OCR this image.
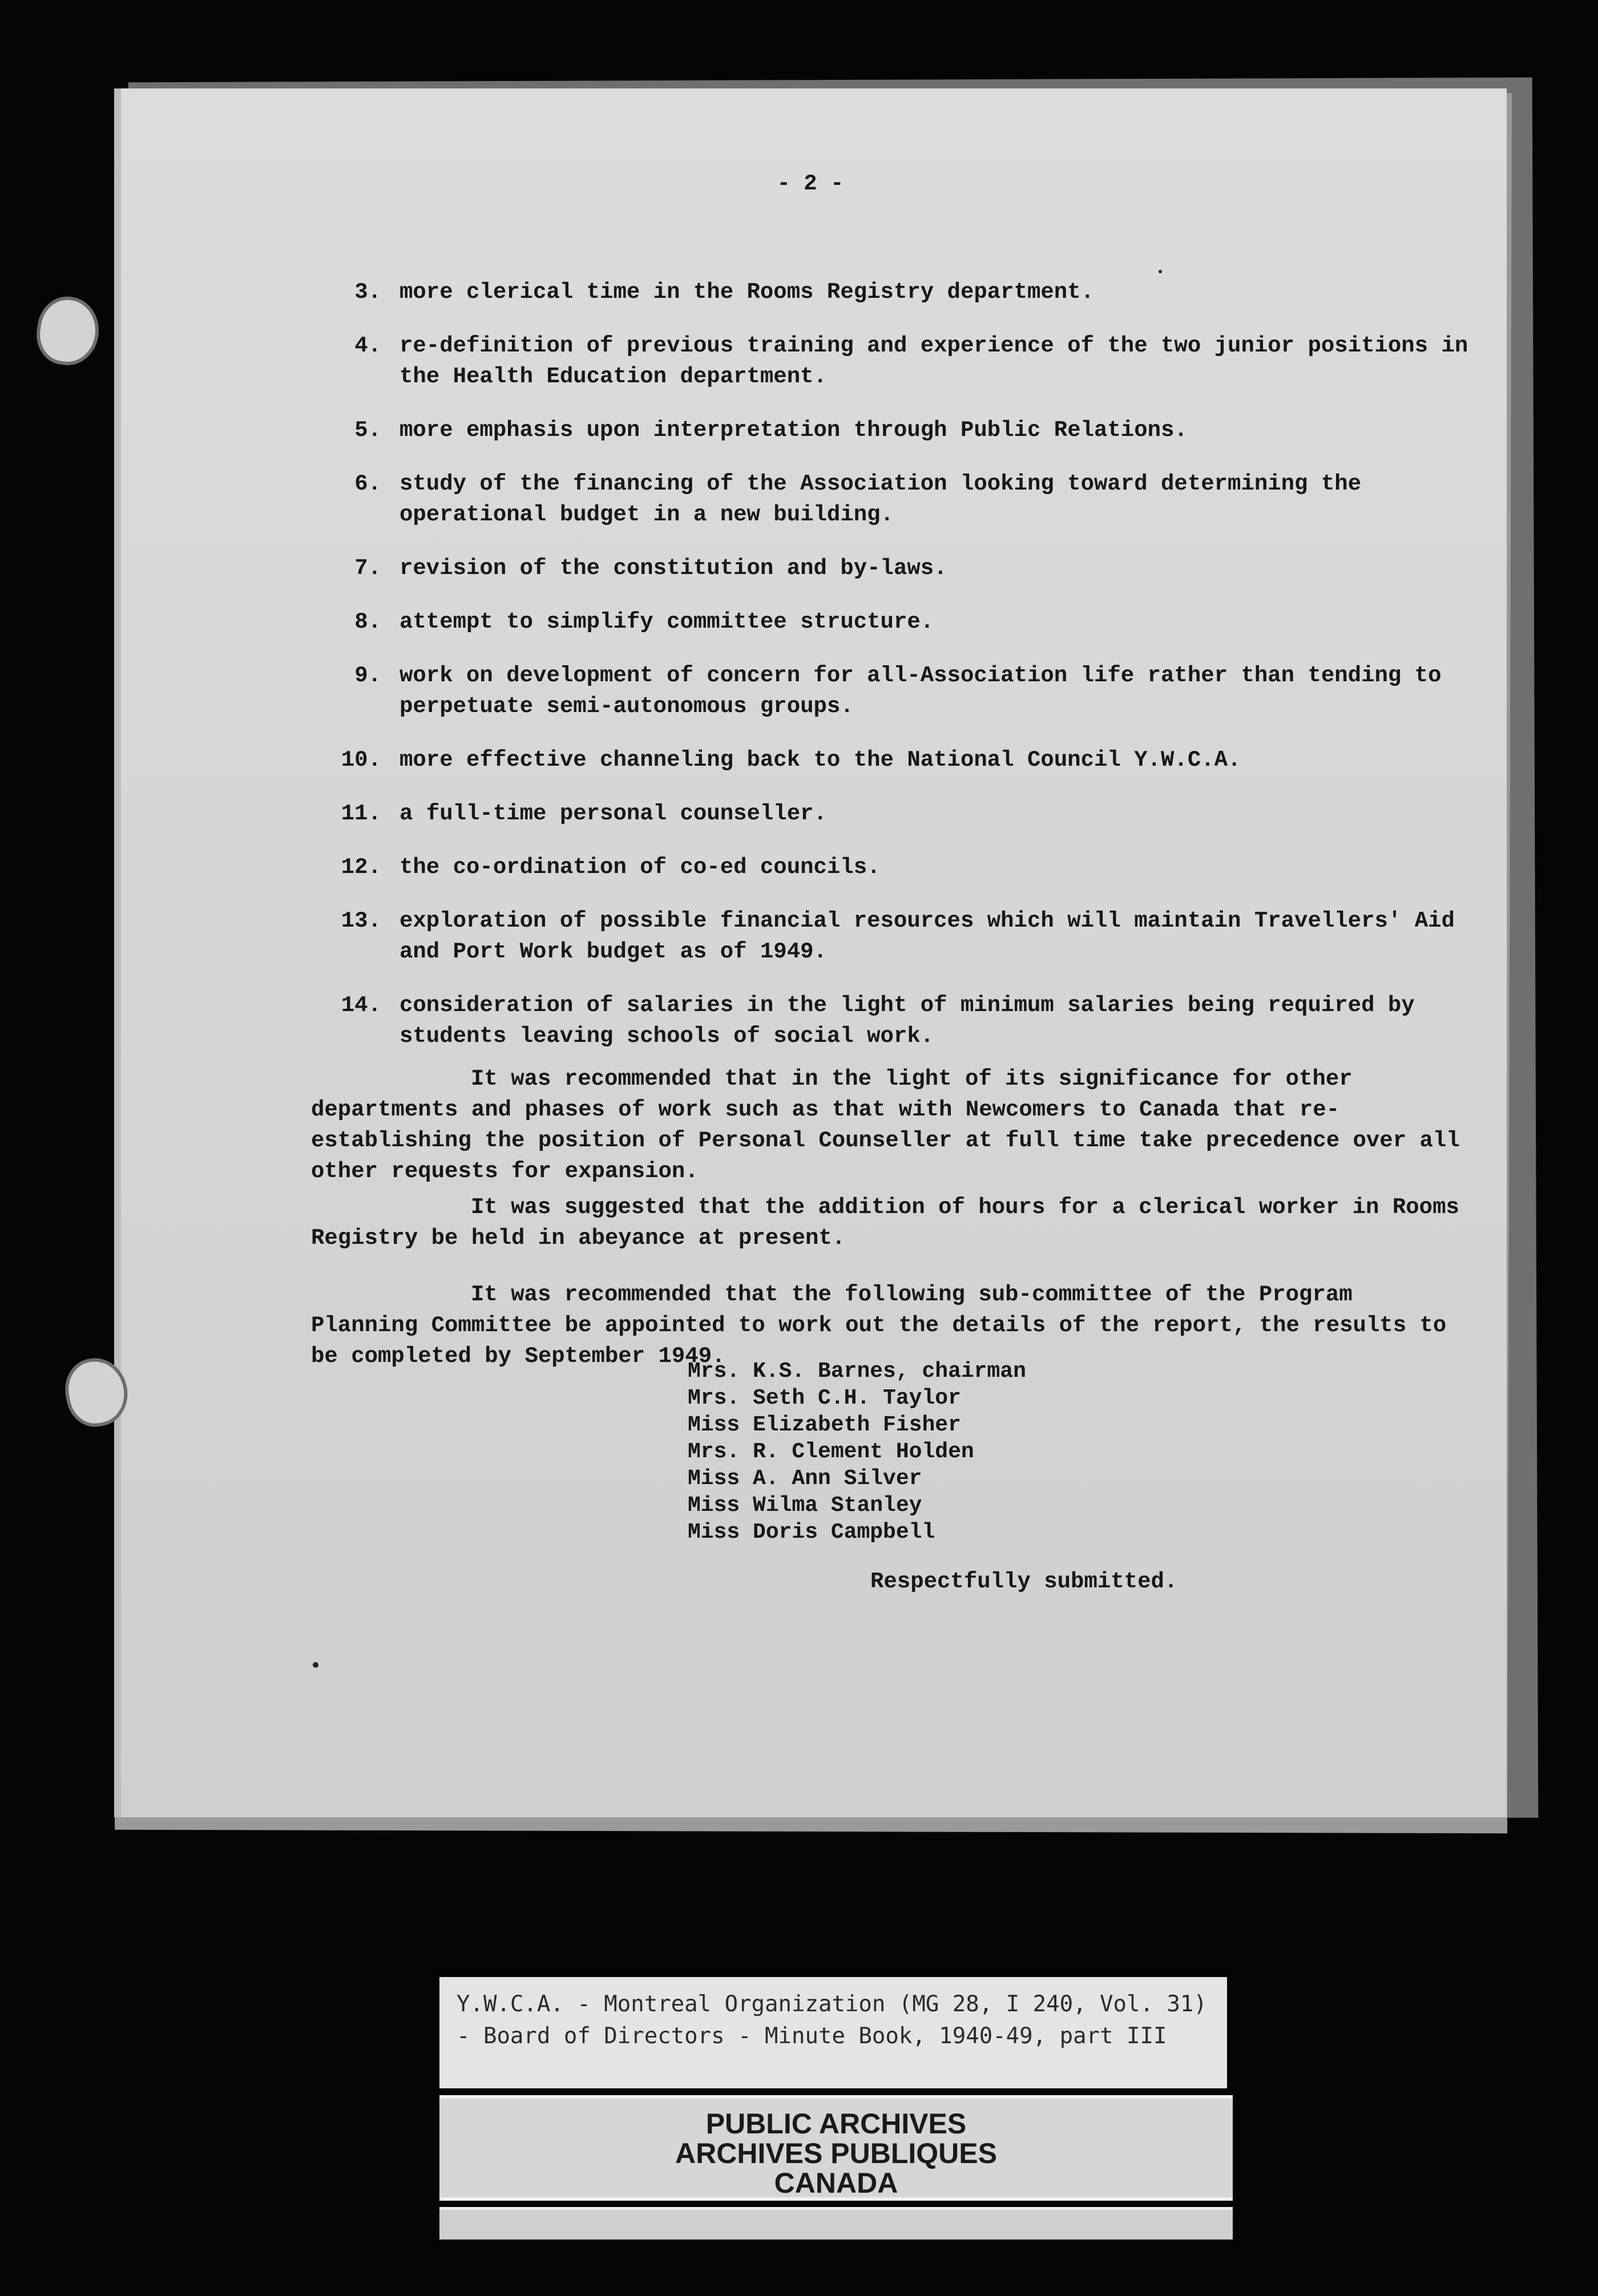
- 2 -
3. more clerical time in the Rooms Registry department.
4. re-definition of previous training and experience of the two junior positions in the Health Education department.
5. more emphasis upon interpretation through Public Relations.
6. study of the financing of the Association looking toward determining the operational budget in a new building.
7. revision of the constitution and by-laws.
8. attempt to simplify committee structure.
9. work on development of concern for all-Association life rather than tending to perpetuate semi-autonomous groups.
10. more effective channeling back to the National Council Y.W.C.A.
11. a full-time personal counseller.
12. the co-ordination of co-ed councils.
13. exploration of possible financial resources which will maintain Travellers' Aid and Port Work budget as of 1949.
14. consideration of salaries in the light of minimum salaries being required by students leaving schools of social work.

It was recommended that in the light of its significance for other departments and phases of work such as that with Newcomers to Canada that re-establishing the position of Personal Counseller at full time take precedence over all other requests for expansion.

It was suggested that the addition of hours for a clerical worker in Rooms Registry be held in abeyance at present.

It was recommended that the following sub-committee of the Program Planning Committee be appointed to work out the details of the report, the results to be completed by September 1949.

Mrs. K.S. Barnes, chairman
Mrs. Seth C.H. Taylor
Miss Elizabeth Fisher
Mrs. R. Clement Holden
Miss A. Ann Silver
Miss Wilma Stanley
Miss Doris Campbell
Respectfully submitted.
Y.W.C.A. - Montreal Organization (MG 28, I 240, Vol. 31)
- Board of Directors - Minute Book, 1940-49, part III
PUBLIC ARCHIVES
ARCHIVES PUBLIQUES
CANADA
